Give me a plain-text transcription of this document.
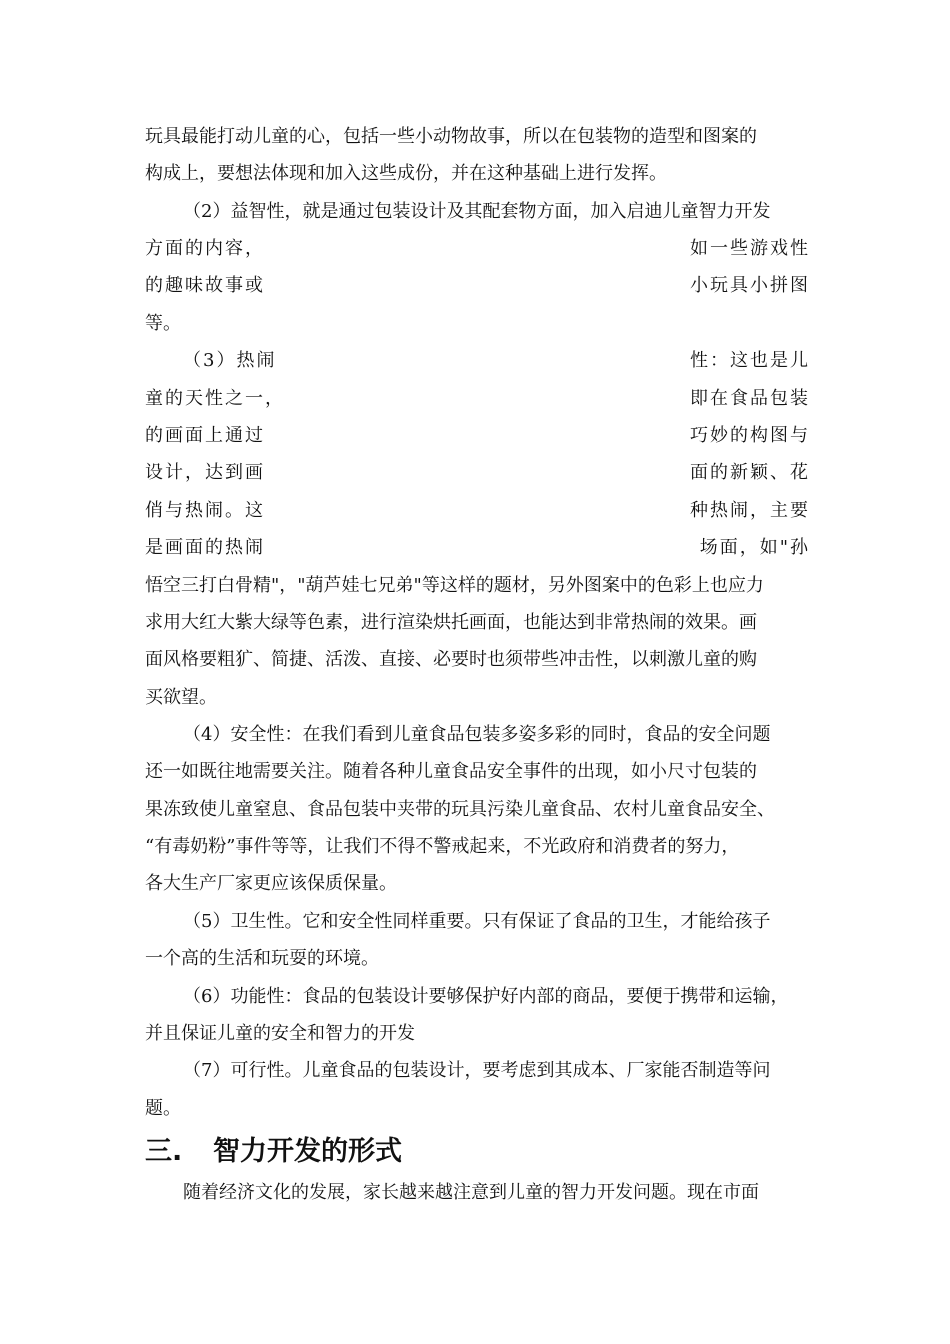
玩具最能打动儿童的心，包括一些小动物故事，所以在包装物的造型和图案的
构成上，要想法体现和加入这些成份，并在这种基础上进行发挥。
（2）益智性，就是通过包装设计及其配套物方面，加入启迪儿童智力开发
方面的内容，	如一些游戏性
的趣味故事或	小玩具小拼图
等。
（3）热闹	性：这也是儿
童的天性之一，	即在食品包装
的画面上通过	巧妙的构图与
设计，达到画	面的新颖、花
俏与热闹。这	种热闹，主要
是画面的热闹	场面，如"孙
悟空三打白骨精"，"葫芦娃七兄弟"等这样的题材，另外图案中的色彩上也应力
求用大红大紫大绿等色素，进行渲染烘托画面，也能达到非常热闹的效果。画
面风格要粗犷、简捷、活泼、直接、必要时也须带些冲击性，以刺激儿童的购
买欲望。
（4）安全性：在我们看到儿童食品包装多姿多彩的同时，食品的安全问题
还一如既往地需要关注。随着各种儿童食品安全事件的出现，如小尺寸包装的
果冻致使儿童窒息、食品包装中夹带的玩具污染儿童食品、农村儿童食品安全、
“有毒奶粉”事件等等，让我们不得不警戒起来，不光政府和消费者的努力，
各大生产厂家更应该保质保量。
（5）卫生性。它和安全性同样重要。只有保证了食品的卫生，才能给孩子
一个高的生活和玩耍的环境。
（6）功能性：食品的包装设计要够保护好内部的商品，要便于携带和运输，
并且保证儿童的安全和智力的开发
（7）可行性。儿童食品的包装设计，要考虑到其成本、厂家能否制造等问
题。
三. 智力开发的形式
随着经济文化的发展，家长越来越注意到儿童的智力开发问题。现在市面
